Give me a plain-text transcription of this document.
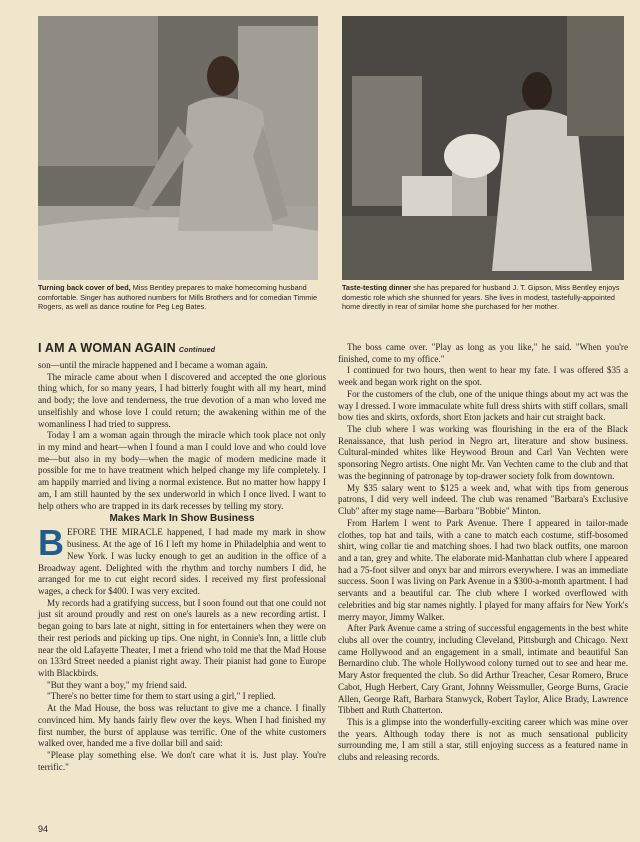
Turning back cover of bed, Miss Bentley prepares to make homecoming husband comfortable. Singer has authored numbers for Mills Brothers and for comedian Timmie Rogers, as well as dance routine for Peg Leg Bates.
Taste-testing dinner she has prepared for husband J. T. Gipson, Miss Bentley enjoys domestic role which she shunned for years. She lives in modest, tastefully-appointed home directly in rear of similar home she purchased for her mother.
I AM A WOMAN AGAIN Continued

son—until the miracle happened and I became a woman again.

The miracle came about when I discovered and accepted the one glorious thing which, for so many years, I had bitterly fought with all my heart, mind and body; the love and tenderness, the true devotion of a man who loved me unselfishly and whose love I could return; the awakening within me of the womanliness I had tried to suppress.

Today I am a woman again through the miracle which took place not only in my mind and heart—when I found a man I could love and who could love me—but also in my body—when the magic of modern medicine made it possible for me to have treatment which helped change my life completely. I am happily married and living a normal existence. But no matter how happy I am, I am still haunted by the sex underworld in which I once lived. I want to help others who are trapped in its dark recesses by telling my story.

Makes Mark In Show Business

BEFORE THE MIRACLE happened, I had made my mark in show business. At the age of 16 I left my home in Philadelphia and went to New York. I was lucky enough to get an audition in the office of a Broadway agent. Delighted with the rhythm and torchy numbers I did, he arranged for me to cut eight record sides. I received my first professional wages, a check for $400. I was very excited.

My records had a gratifying success, but I soon found out that one could not just sit around proudly and rest on one's laurels as a new recording artist. I began going to bars late at night, sitting in for entertainers when they were on their rest periods and picking up tips. One night, in Connie's Inn, a little club near the old Lafayette Theater, I met a friend who told me that the Mad House on 133rd Street needed a pianist right away. Their pianist had gone to Europe with Blackbirds.

"But they want a boy," my friend said.

"There's no better time for them to start using a girl," I replied.

At the Mad House, the boss was reluctant to give me a chance. I finally convinced him. My hands fairly flew over the keys. When I had finished my first number, the burst of applause was terrific. One of the white customers walked over, handed me a five dollar bill and said:

"Please play something else. We don't care what it is. Just play. You're terrific."

The boss came over. "Play as long as you like," he said. "When you're finished, come to my office."

I continued for two hours, then went to hear my fate. I was offered $35 a week and began work right on the spot.

For the customers of the club, one of the unique things about my act was the way I dressed. I wore immaculate white full dress shirts with stiff collars, small bow ties and skirts, oxfords, short Eton jackets and hair cut straight back.

The club where I was working was flourishing in the era of the Black Renaissance, that lush period in Negro art, literature and show business. Cultural-minded whites like Heywood Broun and Carl Van Vechten were sponsoring Negro artists. One night Mr. Van Vechten came to the club and that was the beginning of patronage by top-drawer society folk from downtown.

My $35 salary went to $125 a week and, what with tips from generous patrons, I did very well indeed. The club was renamed "Barbara's Exclusive Club" after my stage name—Barbara "Bobbie" Minton.

From Harlem I went to Park Avenue. There I appeared in tailor-made clothes, top hat and tails, with a cane to match each costume, stiff-bosomed shirt, wing collar tie and matching shoes. I had two black outfits, one maroon and a tan, grey and white. The elaborate mid-Manhattan club where I appeared had a 75-foot silver and onyx bar and mirrors everywhere. I was an immediate success. Soon I was living on Park Avenue in a $300-a-month apartment. I had servants and a beautiful car. The club where I worked overflowed with celebrities and big star names nightly. I played for many affairs for New York's merry mayor, Jimmy Walker.

After Park Avenue came a string of successful engagements in the best white clubs all over the country, including Cleveland, Pittsburgh and Chicago. Next came Hollywood and an engagement in a small, intimate and beautiful San Bernardino club. The whole Hollywood colony turned out to see and hear me. Mary Astor frequented the club. So did Arthur Treacher, Cesar Romero, Bruce Cabot, Hugh Herbert, Cary Grant, Johnny Weissmuller, George Burns, Gracie Allen, George Raft, Barbara Stanwyck, Robert Taylor, Alice Brady, Lawrence Tibbett and Ruth Chatterton.

This is a glimpse into the wonderfully-exciting career which was mine over the years. Although today there is not as much sensational publicity surrounding me, I am still a star, still enjoying success as a featured name in clubs and releasing records.

94
